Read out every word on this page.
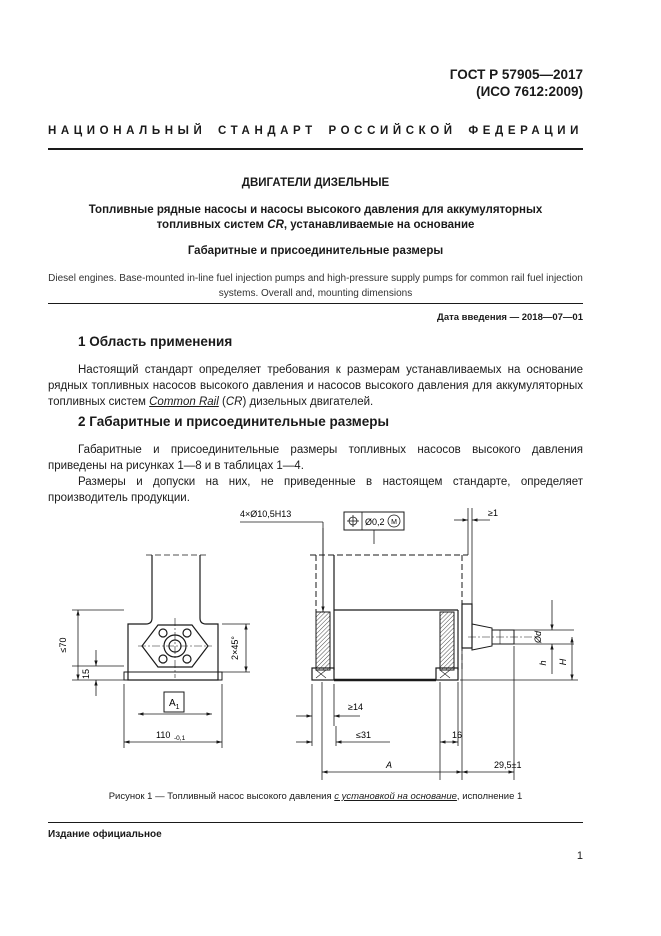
ГОСТ Р 57905—2017
(ИСО 7612:2009)
НАЦИОНАЛЬНЫЙ СТАНДАРТ РОССИЙСКОЙ ФЕДЕРАЦИИ
ДВИГАТЕЛИ ДИЗЕЛЬНЫЕ
Топливные рядные насосы и насосы высокого давления для аккумуляторных
топливных систем CR, устанавливаемые на основание
Габаритные и присоединительные размеры
Diesel engines. Base-mounted in-line fuel injection pumps and high-pressure supply pumps for common rail fuel injection
systems. Overall and, mounting dimensions
Дата введения — 2018—07—01
1 Область применения
Настоящий стандарт определяет требования к размерам устанавливаемых на основание рядных топливных насосов высокого давления и насосов высокого давления для аккумуляторных топливных систем Common Rail (CR) дизельных двигателей.
2 Габаритные и присоединительные размеры
Габаритные и присоединительные размеры топливных насосов высокого давления приведены на рисунках 1—8 и в таблицах 1—4.
Размеры и допуски на них, не приведенные в настоящем стандарте, определяет производитель продукции.
≤70
15
2×45°
$A_1$
110 -0,1
4×Ø10,5H13
Ø0,2 M
≥1
Ød
h H
≥14
≤31	16
A	29,5±1
Рисунок 1 — Топливный насос высокого давления с установкой на основание, исполнение 1
Издание официальное
1
